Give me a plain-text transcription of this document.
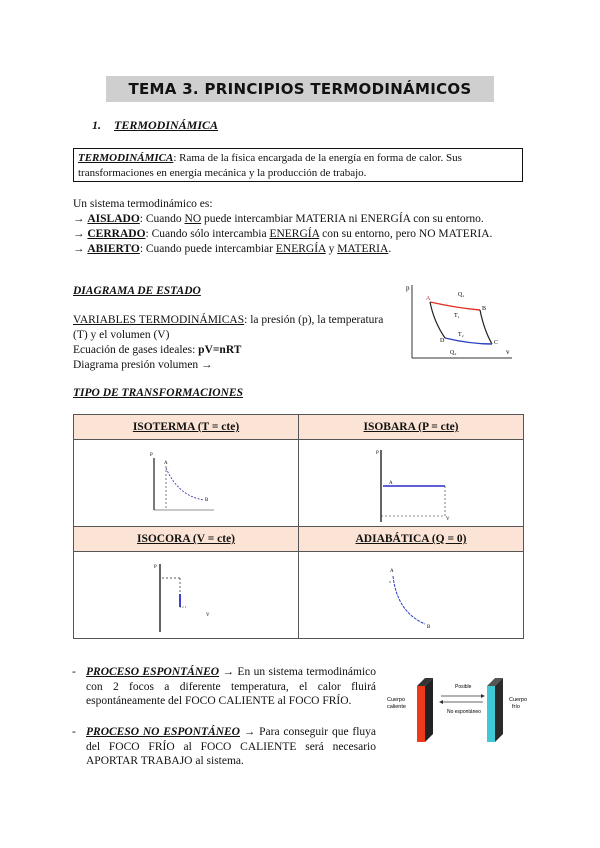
TEMA 3. PRINCIPIOS TERMODINÁMICOS
1. TERMODINÁMICA
TERMODINÁMICA: Rama de la física encargada de la energía en forma de calor. Sus
transformaciones en energía mecánica y la producción de trabajo.
Un sistema termodinámico es:
→ AISLADO: Cuando NO puede intercambiar MATERIA ni ENERGÍA con su entorno.
→ CERRADO: Cuando sólo intercambia ENERGÍA con su entorno, pero NO MATERIA.
→ ABIERTO: Cuando puede intercambiar ENERGÍA y MATERIA.
DIAGRAMA DE ESTADO
VARIABLES TERMODINÁMICAS: la presión (p), la temperatura
(T) y el volumen (V)
Ecuación de gases ideales: pV=nRT
Diagrama presión volumen →
p
v
A
B
C
D
Q₁
Q₂
T₁
T₂
TIPO DE TRANSFORMACIONES
ISOTERMA (T = cte)	ISOBARA (P = cte)

P
A
B	P
A
V

ISOCORA (V = cte)	ADIABÁTICA (Q = 0)

P
V	A
B
- PROCESO ESPONTÁNEO → En un sistema termodinámico con 2 focos a diferente temperatura, el calor fluirá espontáneamente del FOCO CALIENTE al FOCO FRÍO.
- PROCESO NO ESPONTÁNEO → Para conseguir que fluya del FOCO FRÍO al FOCO CALIENTE será necesario APORTAR TRABAJO al sistema.
Cuerpo
caliente
Posible
No espontáneo
Cuerpo
frío
